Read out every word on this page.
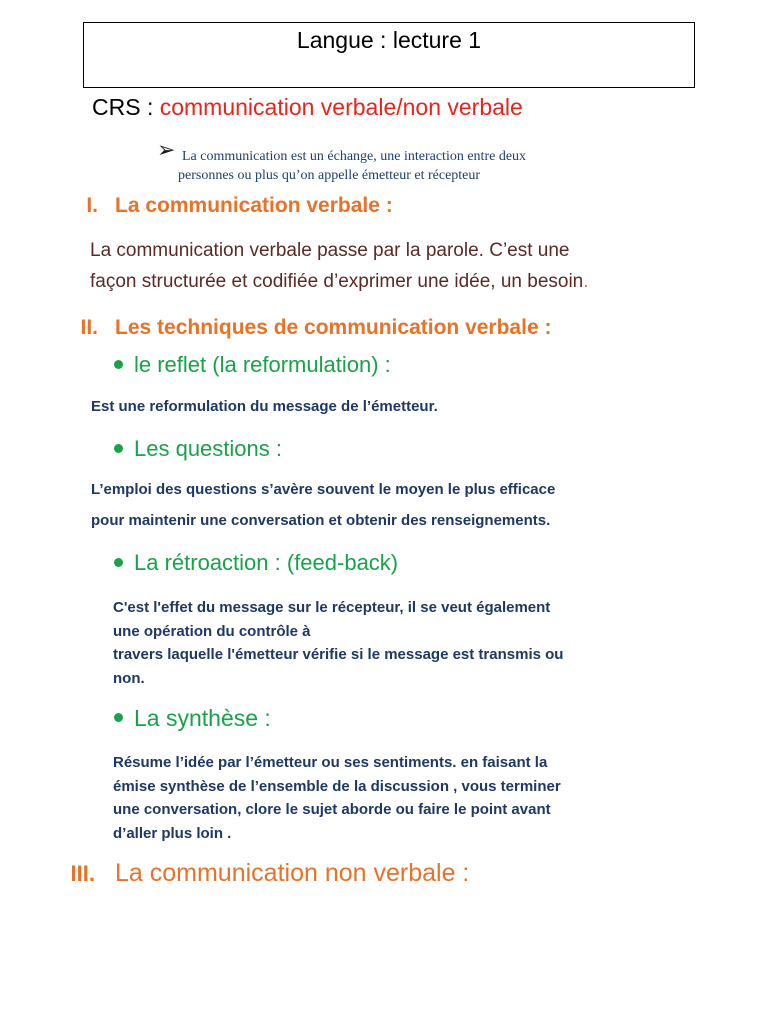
Langue : lecture 1
CRS : communication verbale/non verbale
➢ La communication est un échange, une interaction entre deux
personnes ou plus qu’on appelle émetteur et récepteur
I. La communication verbale :
La communication verbale passe par la parole. C’est une
façon structurée et codifiée d’exprimer une idée, un besoin.
II. Les techniques de communication verbale :
le reflet (la reformulation) :
Est une reformulation du message de l’émetteur.
Les questions :
L’emploi des questions s’avère souvent le moyen le plus efficace
pour maintenir une conversation et obtenir des renseignements.
La rétroaction : (feed-back)
C'est l'effet du message sur le récepteur, il se veut également
une opération du contrôle à
travers laquelle l'émetteur vérifie si le message est transmis ou
non.
La synthèse :
Résume l’idée par l’émetteur ou ses sentiments. en faisant la
émise synthèse de l’ensemble de la discussion , vous terminer
une conversation, clore le sujet aborde ou faire le point avant
d’aller plus loin .
III. La communication non verbale :
